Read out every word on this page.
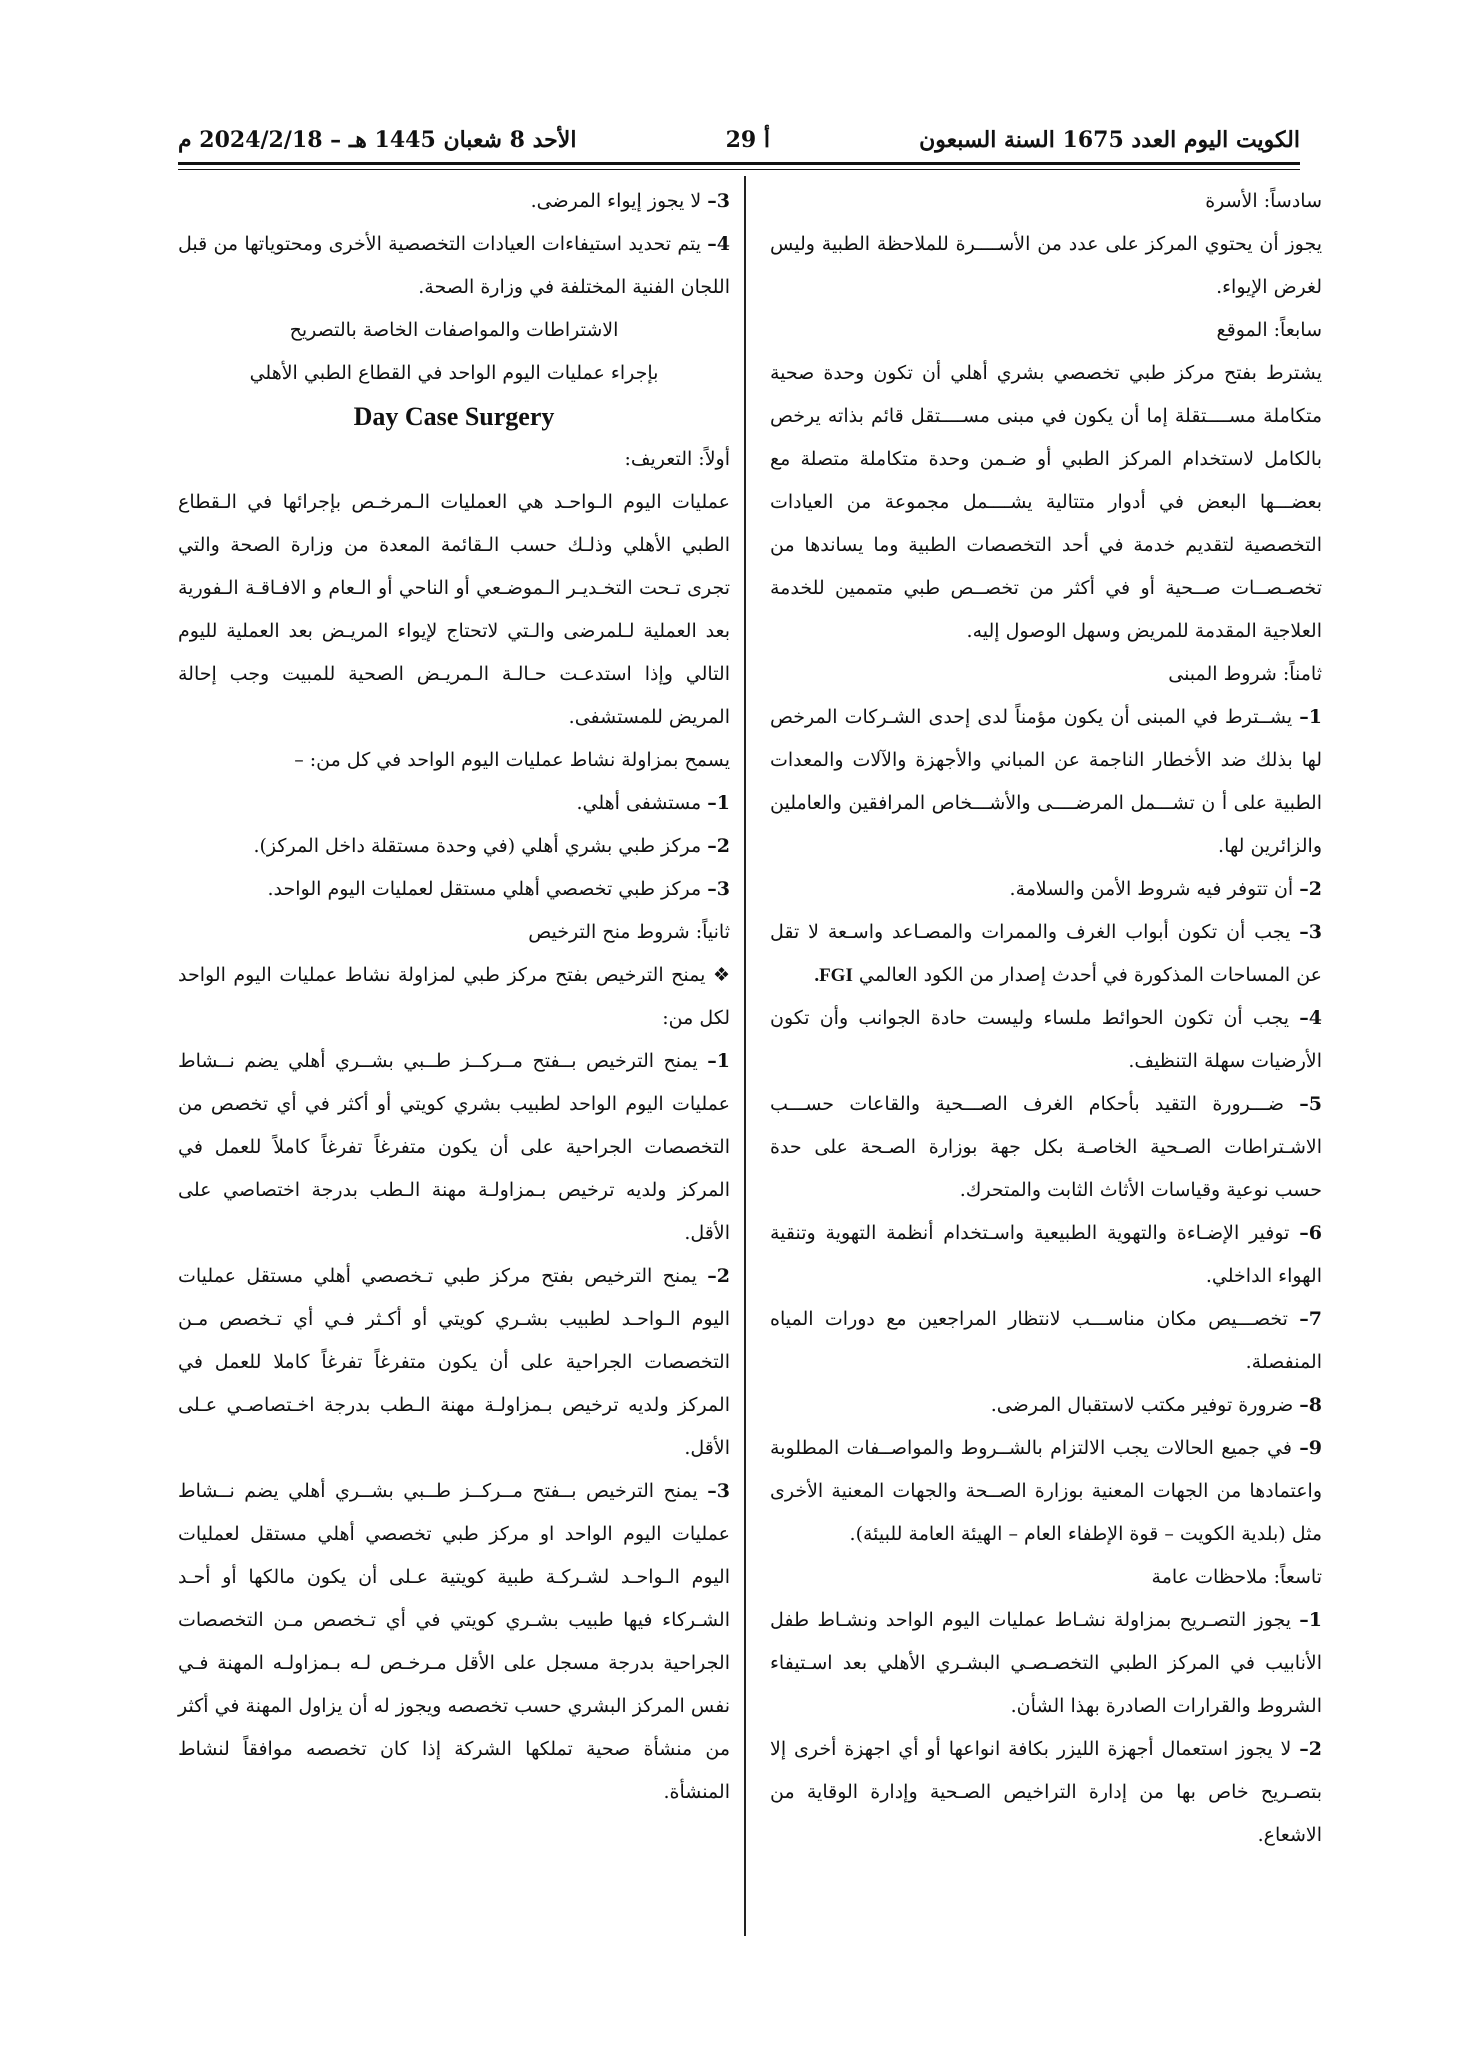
الكويت اليوم العدد 1675 السنة السبعون
أ 29
الأحد 8 شعبان 1445 هـ – 2024/2/18 م

سادساً: الأسرة

يجوز أن يحتوي المركز على عدد من الأســــرة للملاحظة الطبية وليس لغرض الإيواء.

سابعاً: الموقع

يشترط بفتح مركز طبي تخصصي بشري أهلي أن تكون وحدة صحية متكاملة مســــتقلة إما أن يكون في مبنى مســــتقل قائم بذاته يرخص بالكامل لاستخدام المركز الطبي أو ضـمن وحدة متكاملة متصلة مع بعضـــها البعض في أدوار متتالية يشــــمل مجموعة من العيادات التخصصية لتقديم خدمة في أحد التخصصات الطبية وما يساندها من تخصـصــات صــحية أو في أكثر من تخصــص طبي متممين للخدمة العلاجية المقدمة للمريض وسهل الوصول إليه.

ثامناً: شروط المبنى

1– يشــترط في المبنى أن يكون مؤمناً لدى إحدى الشـركات المرخص لها بذلك ضد الأخطار الناجمة عن المباني والأجهزة والآلات والمعدات الطبية على أ ن تشـــمل المرضــــى والأشـــخاص المرافقين والعاملين والزائرين لها.

2– أن تتوفر فيه شروط الأمن والسلامة.

3– يجب أن تكون أبواب الغرف والممرات والمصـاعد واسـعة لا تقل عن المساحات المذكورة في أحدث إصدار من الكود العالمي FGI.

4– يجب أن تكون الحوائط ملساء وليست حادة الجوانب وأن تكون الأرضيات سهلة التنظيف.

5– ضـــرورة التقيد بأحكام الغرف الصـــحية والقاعات حســـب الاشـتراطات الصـحية الخاصـة بكل جهة بوزارة الصـحة على حدة حسب نوعية وقياسات الأثاث الثابت والمتحرك.

6– توفير الإضـاءة والتهوية الطبيعية واسـتخدام أنظمة التهوية وتنقية الهواء الداخلي.

7– تخصـــيص مكان مناســـب لانتظار المراجعين مع دورات المياه المنفصلة.

8– ضرورة توفير مكتب لاستقبال المرضى.

9– في جميع الحالات يجب الالتزام بالشــروط والمواصــفات المطلوبة واعتمادها من الجهات المعنية بوزارة الصــحة والجهات المعنية الأخرى مثل (بلدية الكويت – قوة الإطفاء العام – الهيئة العامة للبيئة).

تاسعاً: ملاحظات عامة

1– يجوز التصـريح بمزاولة نشـاط عمليات اليوم الواحد ونشـاط طفل الأنابيب في المركز الطبي التخصـصـي البشـري الأهلي بعد اسـتيفاء الشروط والقرارات الصادرة بهذا الشأن.

2– لا يجوز استعمال أجهزة الليزر بكافة انواعها أو أي اجهزة أخرى إلا بتصـريح خاص بها من إدارة التراخيص الصـحية وإدارة الوقاية من الاشعاع.

3– لا يجوز إيواء المرضى.

4– يتم تحديد استيفاءات العيادات التخصصية الأخرى ومحتوياتها من قبل اللجان الفنية المختلفة في وزارة الصحة.

الاشتراطات والمواصفات الخاصة بالتصريح

بإجراء عمليات اليوم الواحد في القطاع الطبي الأهلي

Day Case Surgery

أولاً: التعريف:

عمليات اليوم الـواحـد هي العمليات الـمرخـص بإجرائها في الـقطاع الطبي الأهلي وذلـك حسب الـقائمة المعدة من وزارة الصحة والتي تجرى تـحت التخـديـر الـموضـعي أو الناحي أو الـعام و الافـاقـة الـفورية بعد العملية لـلمرضى والـتي لاتحتاج لإيواء المريـض بعد العملية لليوم التالي وإذا استدعـت حـالـة الـمريـض الصحية للمبيت وجب إحالة المريض للمستشفى.

يسمح بمزاولة نشاط عمليات اليوم الواحد في كل من: –

1– مستشفى أهلي.

2– مركز طبي بشري أهلي (في وحدة مستقلة داخل المركز).

3– مركز طبي تخصصي أهلي مستقل لعمليات اليوم الواحد.

ثانياً: شروط منح الترخيص

❖ يمنح الترخيص بفتح مركز طبي لمزاولة نشاط عمليات اليوم الواحد لكل من:

1– يمنح الترخيص بــفتح مــركــز طــبي بشــري أهلي يضم نــشاط عمليات اليوم الواحد لطبيب بشري كويتي أو أكثر في أي تخصص من التخصصات الجراحية على أن يكون متفرغاً تفرغاً كاملاً للعمل في المركز ولديه ترخيص بـمزاولـة مهنة الـطب بدرجة اختصاصي على الأقل.

2– يمنح الترخيص بفتح مركز طبي تـخصصي أهلي مستقل عمليات اليوم الـواحـد لطبيب بشـري كويتي أو أكـثر فـي أي تـخصص مـن التخصصات الجراحية على أن يكون متفرغاً تفرغاً كاملا للعمل في المركز ولديه ترخيص بـمزاولـة مهنة الـطب بدرجة اخـتصاصـي عـلى الأقل.

3– يمنح الترخيص بــفتح مــركــز طــبي بشــري أهلي يضم نــشاط عمليات اليوم الواحد او مركز طبي تخصصي أهلي مستقل لعمليات اليوم الـواحـد لشـركـة طبية كويتية عـلى أن يكون مالكها أو أحـد الشـركاء فيها طبيب بشـري كويتي في أي تـخصص مـن التخصصات الجراحية بدرجة مسجل على الأقل مـرخـص لـه بـمزاولـه المهنة فـي نفس المركز البشري حسب تخصصه ويجوز له أن يزاول المهنة في أكثر من منشأة صحية تملكها الشركة إذا كان تخصصه موافقاً لنشاط المنشأة.
